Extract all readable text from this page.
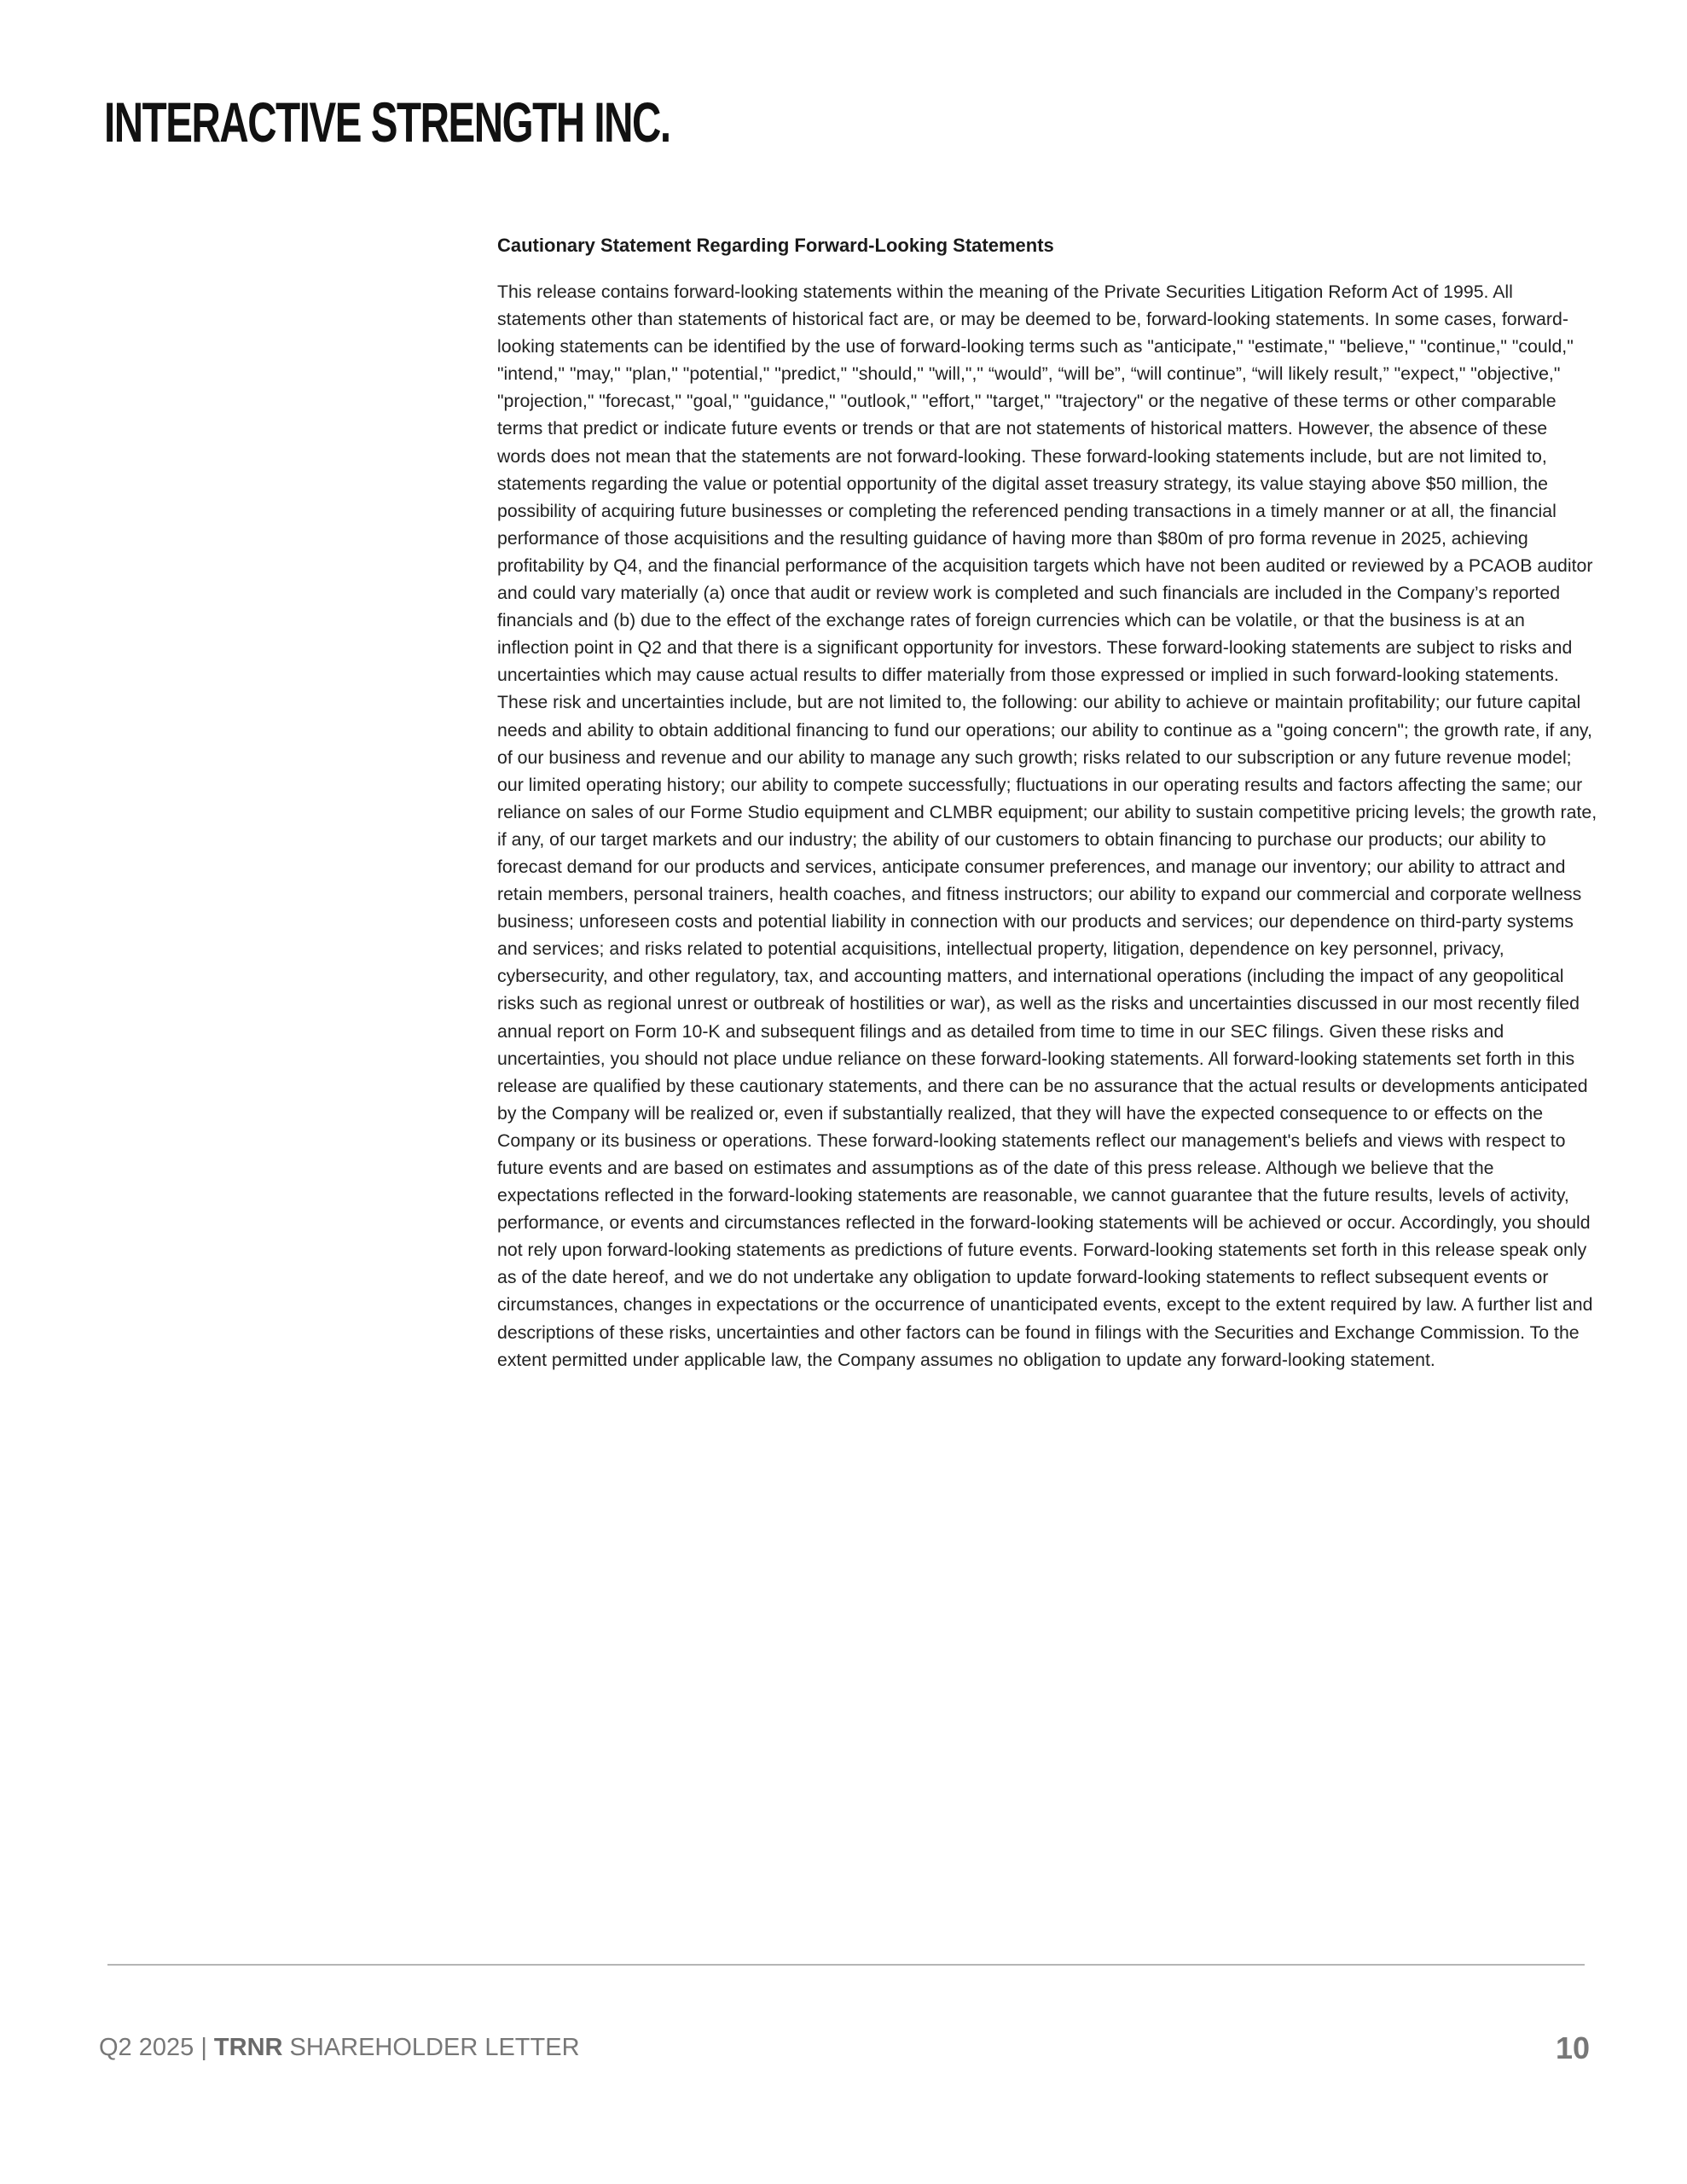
INTERACTIVE STRENGTH INC.
Cautionary Statement Regarding Forward-Looking Statements

This release contains forward-looking statements within the meaning of the Private Securities Litigation Reform Act of 1995. All statements other than statements of historical fact are, or may be deemed to be, forward-looking statements. In some cases, forward-looking statements can be identified by the use of forward-looking terms such as "anticipate," "estimate," "believe," "continue," "could," "intend," "may," "plan," "potential," "predict," "should," "will,"," “would”, “will be”, “will continue”, “will likely result,” "expect," "objective," "projection," "forecast," "goal," "guidance," "outlook," "effort," "target," "trajectory" or the negative of these terms or other comparable terms that predict or indicate future events or trends or that are not statements of historical matters. However, the absence of these words does not mean that the statements are not forward-looking. These forward-looking statements include, but are not limited to, statements regarding the value or potential opportunity of the digital asset treasury strategy, its value staying above $50 million, the possibility of acquiring future businesses or completing the referenced pending transactions in a timely manner or at all, the financial performance of those acquisitions and the resulting guidance of having more than $80m of pro forma revenue in 2025, achieving profitability by Q4, and the financial performance of the acquisition targets which have not been audited or reviewed by a PCAOB auditor and could vary materially (a) once that audit or review work is completed and such financials are included in the Company’s reported financials and (b) due to the effect of the exchange rates of foreign currencies which can be volatile, or that the business is at an inflection point in Q2 and that there is a significant opportunity for investors. These forward-looking statements are subject to risks and uncertainties which may cause actual results to differ materially from those expressed or implied in such forward-looking statements. These risk and uncertainties include, but are not limited to, the following: our ability to achieve or maintain profitability; our future capital needs and ability to obtain additional financing to fund our operations; our ability to continue as a "going concern"; the growth rate, if any, of our business and revenue and our ability to manage any such growth; risks related to our subscription or any future revenue model; our limited operating history; our ability to compete successfully; fluctuations in our operating results and factors affecting the same; our reliance on sales of our Forme Studio equipment and CLMBR equipment; our ability to sustain competitive pricing levels; the growth rate, if any, of our target markets and our industry; the ability of our customers to obtain financing to purchase our products; our ability to forecast demand for our products and services, anticipate consumer preferences, and manage our inventory; our ability to attract and retain members, personal trainers, health coaches, and fitness instructors; our ability to expand our commercial and corporate wellness business; unforeseen costs and potential liability in connection with our products and services; our dependence on third-party systems and services; and risks related to potential acquisitions, intellectual property, litigation, dependence on key personnel, privacy, cybersecurity, and other regulatory, tax, and accounting matters, and international operations (including the impact of any geopolitical risks such as regional unrest or outbreak of hostilities or war), as well as the risks and uncertainties discussed in our most recently filed annual report on Form 10-K and subsequent filings and as detailed from time to time in our SEC filings. Given these risks and uncertainties, you should not place undue reliance on these forward-looking statements. All forward-looking statements set forth in this release are qualified by these cautionary statements, and there can be no assurance that the actual results or developments anticipated by the Company will be realized or, even if substantially realized, that they will have the expected consequence to or effects on the Company or its business or operations. These forward-looking statements reflect our management's beliefs and views with respect to future events and are based on estimates and assumptions as of the date of this press release. Although we believe that the expectations reflected in the forward-looking statements are reasonable, we cannot guarantee that the future results, levels of activity, performance, or events and circumstances reflected in the forward-looking statements will be achieved or occur. Accordingly, you should not rely upon forward-looking statements as predictions of future events. Forward-looking statements set forth in this release speak only as of the date hereof, and we do not undertake any obligation to update forward-looking statements to reflect subsequent events or circumstances, changes in expectations or the occurrence of unanticipated events, except to the extent required by law. A further list and descriptions of these risks, uncertainties and other factors can be found in filings with the Securities and Exchange Commission. To the extent permitted under applicable law, the Company assumes no obligation to update any forward-looking statement.

Q2 2025 | TRNR SHAREHOLDER LETTER	10
